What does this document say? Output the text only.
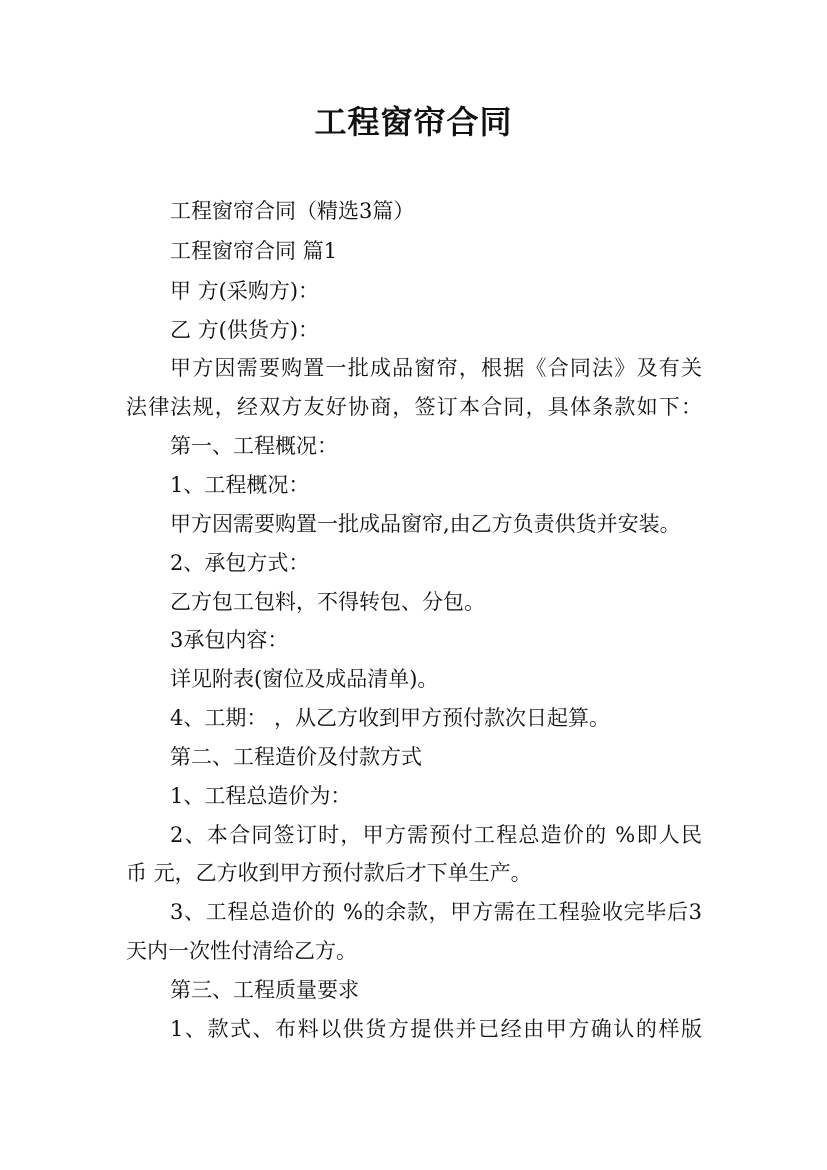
工程窗帘合同
工程窗帘合同（精选3篇）
工程窗帘合同 篇1
甲 方(采购方)：
乙 方(供货方)：
甲方因需要购置一批成品窗帘，根据《合同法》及有关
法律法规，经双方友好协商，签订本合同，具体条款如下：
第一、工程概况：
1、工程概况：
甲方因需要购置一批成品窗帘,由乙方负责供货并安装。
2、承包方式：
乙方包工包料，不得转包、分包。
3承包内容：
详见附表(窗位及成品清单)。
4、工期： ，从乙方收到甲方预付款次日起算。
第二、工程造价及付款方式
1、工程总造价为：
2、本合同签订时，甲方需预付工程总造价的 %即人民
币 元，乙方收到甲方预付款后才下单生产。
3、工程总造价的 %的余款，甲方需在工程验收完毕后3
天内一次性付清给乙方。
第三、工程质量要求
1、款式、布料以供货方提供并已经由甲方确认的样版
